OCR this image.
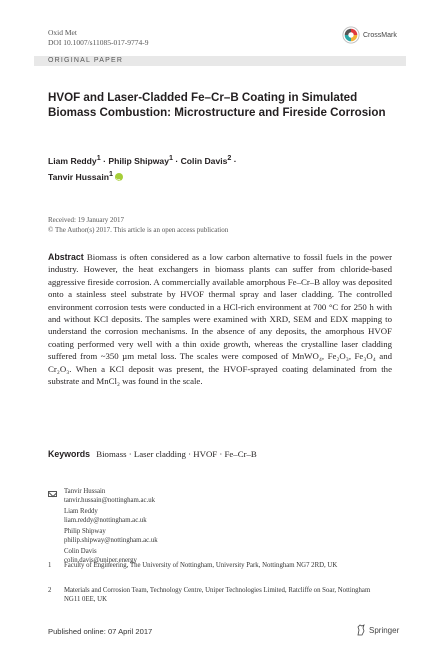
Oxid Met
DOI 10.1007/s11085-017-9774-9
CrossMark
ORIGINAL PAPER
HVOF and Laser-Cladded Fe–Cr–B Coating in Simulated Biomass Combustion: Microstructure and Fireside Corrosion
Liam Reddy$^1$ · Philip Shipway$^1$ · Colin Davis$^2$ ·
Tanvir Hussain$^1$iD
Received: 19 January 2017
© The Author(s) 2017. This article is an open access publication

Abstract Biomass is often considered as a low carbon alternative to fossil fuels in the power industry. However, the heat exchangers in biomass plants can suffer from chloride-based aggressive fireside corrosion. A commercially available amorphous Fe–Cr–B alloy was deposited onto a stainless steel substrate by HVOF thermal spray and laser cladding. The controlled environment corrosion tests were conducted in a HCl-rich environment at 700 °C for 250 h with and without KCl deposits. The samples were examined with XRD, SEM and EDX mapping to understand the corrosion mechanisms. In the absence of any deposits, the amorphous HVOF coating performed very well with a thin oxide growth, whereas the crystalline laser cladding suffered from ~350 µm metal loss. The scales were composed of MnWO₄, Fe₂O₃, Fe₃O₄ and Cr₂O₃. When a KCl deposit was present, the HVOF-sprayed coating delaminated from the substrate and MnCl₂ was found in the scale.

Keywords Biomass · Laser cladding · HVOF · Fe–Cr–B

Tanvir Hussain
tanvir.hussain@nottingham.ac.uk
Liam Reddy
liam.reddy@nottingham.ac.uk
Philip Shipway
philip.shipway@nottingham.ac.uk
Colin Davis
colin.davis@uniper.energy
1 Faculty of Engineering, The University of Nottingham, University Park, Nottingham NG7 2RD, UK
2 Materials and Corrosion Team, Technology Centre, Uniper Technologies Limited, Ratcliffe on Soar, Nottingham NG11 0EE, UK
Published online: 07 April 2017	Springer
